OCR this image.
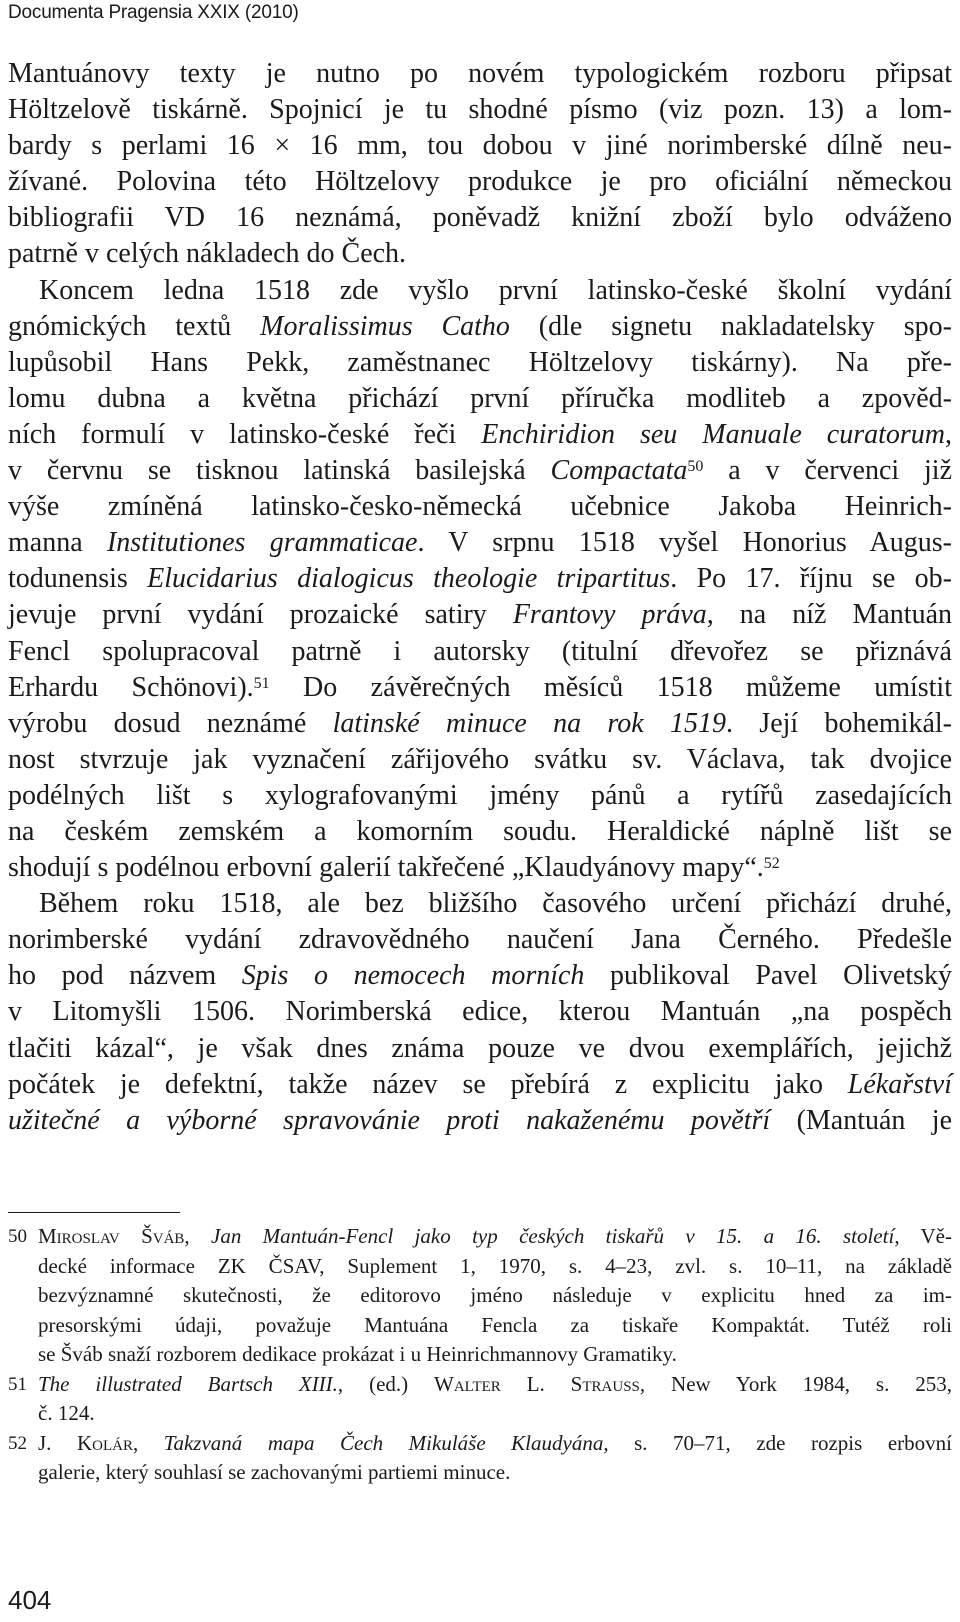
Documenta Pragensia XXIX (2010)
Mantuánovy texty je nutno po novém typologickém rozboru připsat
Höltzelově tiskárně. Spojnicí je tu shodné písmo (viz pozn. 13) a lom-
bardy s perlami 16 × 16 mm, tou dobou v jiné norimberské dílně neu-
žívané. Polovina této Höltzelovy produkce je pro oficiální německou
bibliografii VD 16 neznámá, poněvadž knižní zboží bylo odváženo
patrně v celých nákladech do Čech.
Koncem ledna 1518 zde vyšlo první latinsko-české školní vydání
gnómických textů Moralissimus Catho (dle signetu nakladatelsky spo-
lupůsobil Hans Pekk, zaměstnanec Höltzelovy tiskárny). Na pře-
lomu dubna a května přichází první příručka modliteb a zpověd-
ních formulí v latinsko-české řeči Enchiridion seu Manuale curatorum,
v červnu se tisknou latinská basilejská Compactata$^{50}$ a v červenci již
výše zmíněná latinsko-česko-německá učebnice Jakoba Heinrich-
manna Institutiones grammaticae. V srpnu 1518 vyšel Honorius Augus-
todunensis Elucidarius dialogicus theologie tripartitus. Po 17. říjnu se ob-
jevuje první vydání prozaické satiry Frantovy práva, na níž Mantuán
Fencl spolupracoval patrně i autorsky (titulní dřevořez se přiznává
Erhardu Schönovi).$^{51}$ Do závěrečných měsíců 1518 můžeme umístit
výrobu dosud neznámé latinské minuce na rok 1519. Její bohemikál-
nost stvrzuje jak vyznačení zářijového svátku sv. Václava, tak dvojice
podélných lišt s xylografovanými jmény pánů a rytířů zasedajících
na českém zemském a komorním soudu. Heraldické náplně lišt se
shodují s podélnou erbovní galerií takřečené „Klaudyánovy mapy“.$^{52}$
Během roku 1518, ale bez bližšího časového určení přichází druhé,
norimberské vydání zdravovědného naučení Jana Černého. Předešle
ho pod názvem Spis o nemocech morních publikoval Pavel Olivetský
v Litomyšli 1506. Norimberská edice, kterou Mantuán „na pospěch
tlačiti kázal“, je však dnes známa pouze ve dvou exemplářích, jejichž
počátek je defektní, takže název se přebírá z explicitu jako Lékařství
užitečné a výborné spravovánie proti nakaženému povětří (Mantuán je
50 Miroslav Šváb, Jan Mantuán-Fencl jako typ českých tiskařů v 15. a 16. století, Vě-
decké informace ZK ČSAV, Suplement 1, 1970, s. 4–23, zvl. s. 10–11, na základě
bezvýznamné skutečnosti, že editorovo jméno následuje v explicitu hned za im-
presorskými údaji, považuje Mantuána Fencla za tiskaře Kompaktát. Tutéž roli
se Šváb snaží rozborem dedikace prokázat i u Heinrichmannovy Gramatiky.
51 The illustrated Bartsch XIII., (ed.) Walter L. Strauss, New York 1984, s. 253,
č. 124.
52 J. Kolár, Takzvaná mapa Čech Mikuláše Klaudyána, s. 70–71, zde rozpis erbovní
galerie, který souhlasí se zachovanými partiemi minuce.
404
